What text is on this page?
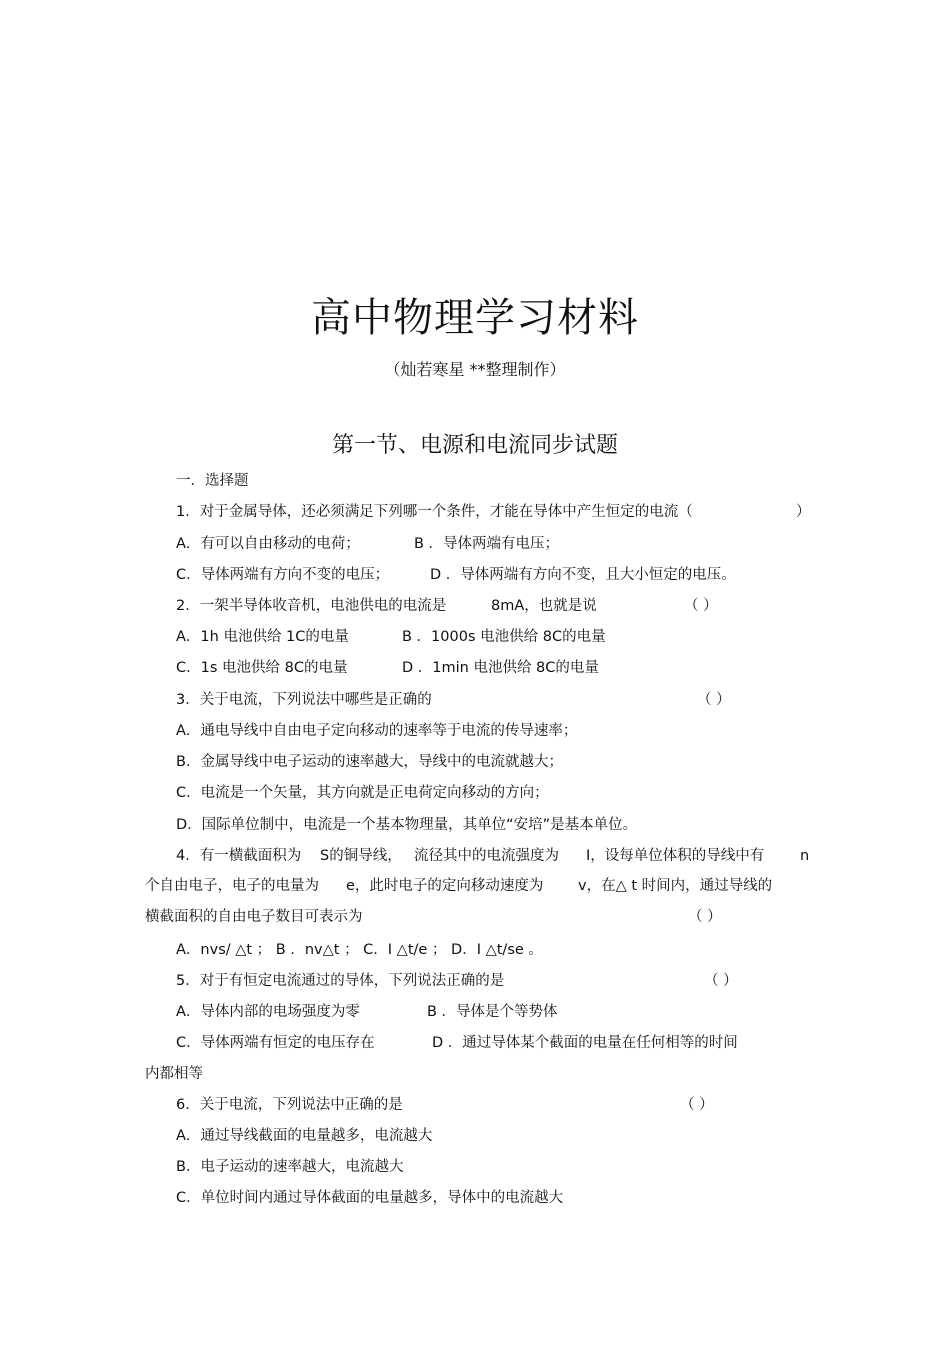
高中物理学习材料
（灿若寒星 **整理制作）
第一节、电源和电流同步试题
一．选择题
1．对于金属导体，还必须满足下列哪一个条件，才能在导体中产生恒定的电流（	）
A．有可以自由移动的电荷；	B ．导体两端有电压；
C．导体两端有方向不变的电压；	D ．导体两端有方向不变，且大小恒定的电压。
2．一架半导体收音机，电池供电的电流是	8mA，也就是说	（ ）
A．1h 电池供给 1C的电量	B ．1000s 电池供给 8C的电量
C．1s 电池供给 8C的电量	D ．1min 电池供给 8C的电量
3．关于电流，下列说法中哪些是正确的	（ ）
A．通电导线中自由电子定向移动的速率等于电流的传导速率；
B．金属导线中电子运动的速率越大，导线中的电流就越大；
C．电流是一个矢量，其方向就是正电荷定向移动的方向；
D．国际单位制中，电流是一个基本物理量，其单位“安培”是基本单位。
4．有一横截面积为 S的铜导线， 流径其中的电流强度为 I，设每单位体积的导线中有 n
个自由电子，电子的电量为 e，此时电子的定向移动速度为 v，在△ t 时间内，通过导线的
横截面积的自由电子数目可表示为	（ ）
A．nvs/ △t ； B ．nv△t ； C．I △t/e ； D．I △t/se 。
5．对于有恒定电流通过的导体，下列说法正确的是	（ ）
A．导体内部的电场强度为零	B ．导体是个等势体
C．导体两端有恒定的电压存在	D ．通过导体某个截面的电量在任何相等的时间
内都相等
6．关于电流，下列说法中正确的是	（ ）
A．通过导线截面的电量越多，电流越大
B．电子运动的速率越大，电流越大
C．单位时间内通过导体截面的电量越多，导体中的电流越大
